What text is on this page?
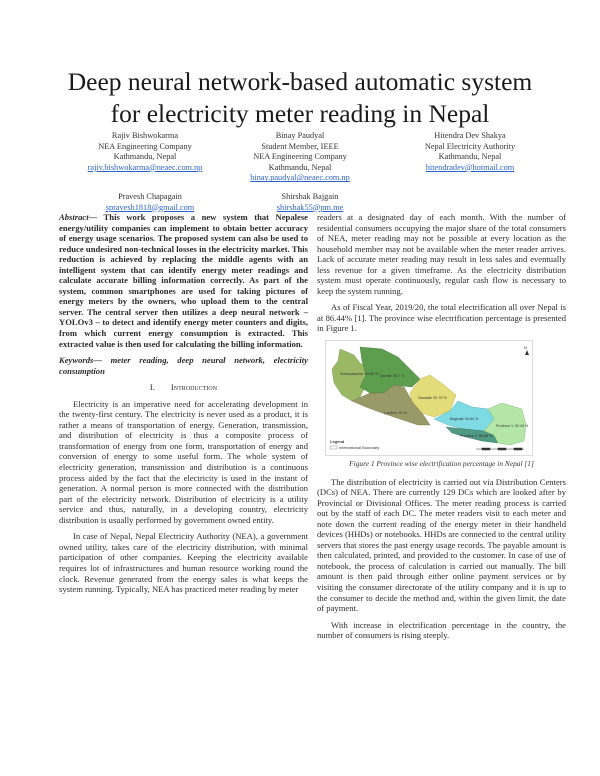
Deep neural network-based automatic system
for electricity meter reading in Nepal
Rajiv Bishwokarma
NEA Engineering Company
Kathmandu, Nepal
rajiv.bishwokarma@neaec.com.np
Binay Paudyal
Student Member, IEEE
NEA Engineering Company
Kathmandu, Nepal
binay.paudyal@neaec.com.np
Hitendra Dev Shakya
Nepal Electricity Authority
Kathmandu, Nepal
hitendradev@hotmail.com
Pravesh Chapagain
spravesh1818@gmail.com
Shirshak Bajgain
shirshak55@pm.me

Abstract— This work proposes a new system that Nepalese energy/utility companies can implement to obtain better accuracy of energy usage scenarios. The proposed system can also be used to reduce undesired non-technical losses in the electricity market. This reduction is achieved by replacing the middle agents with an intelligent system that can identify energy meter readings and calculate accurate billing information correctly. As part of the system, common smartphones are used for taking pictures of energy meters by the owners, who upload them to the central server. The central server then utilizes a deep neural network – YOLOv3 – to detect and identify energy meter counters and digits, from which current energy consumption is extracted. This extracted value is then used for calculating the billing information.

Keywords— meter reading, deep neural network, electricity consumption

I. Introduction

Electricity is an imperative need for accelerating development in the twenty-first century. The electricity is never used as a product, it is rather a means of transportation of energy. Generation, transmission, and distribution of electricity is thus a composite process of transformation of energy from one form, transportation of energy and conversion of energy to some useful form. The whole system of electricity generation, transmission and distribution is a continuous process aided by the fact that the electricity is used in the instant of generation. A normal person is more connected with the distribution part of the electricity network. Distribution of electricity is a utility service and thus, naturally, in a developing country, electricity distribution is usually performed by government owned entity.

In case of Nepal, Nepal Electricity Authority (NEA), a government owned utility, takes care of the electricity distribution, with minimal participation of other companies. Keeping the electricity available requires lot of infrastructures and human resource working round the clock. Revenue generated from the energy sales is what keeps the system running. Typically, NEA has practiced meter reading by meter

readers at a designated day of each month. With the number of residential consumers occupying the major share of the total consumers of NEA, meter reading may not be possible at every location as the household member may not be available when the meter reader arrives. Lack of accurate meter reading may result in less sales and eventually less revenue for a given timeframe. As the electricity distribution system must operate continuously, regular cash flow is necessary to keep the system running.

As of Fiscal Year, 2019/20, the total electrification all over Nepal is at 86.44% [1]. The province wise electrification percentage is presented in Figure 1.

Sudurpaschim: 84.89 % Karnali: 58.7 %
Lumbini: 91 %
Gandaki: 92.79 %
Bagmati: 94.64 %
Province 2: 88.85 %
Province 1: 92.43 %
N
Legend
International Boundary
Figure 1 Province wise electrification percentage in Nepal [1]

The distribution of electricity is carried out via Distribution Centers (DCs) of NEA. There are currently 129 DCs which are looked after by Provincial or Divisional Offices. The meter reading process is carried out by the staff of each DC. The meter readers visit to each meter and note down the current reading of the energy meter in their handheld devices (HHDs) or notebooks. HHDs are connected to the central utility servers that stores the past energy usage records. The payable amount is then calculated, printed, and provided to the customer. In case of use of notebook, the process of calculation is carried out manually. The bill amount is then paid through either online payment services or by visiting the consumer directorate of the utility company and it is up to the consumer to decide the method and, within the given limit, the date of payment.

With increase in electrification percentage in the country, the number of consumers is rising steeply.
